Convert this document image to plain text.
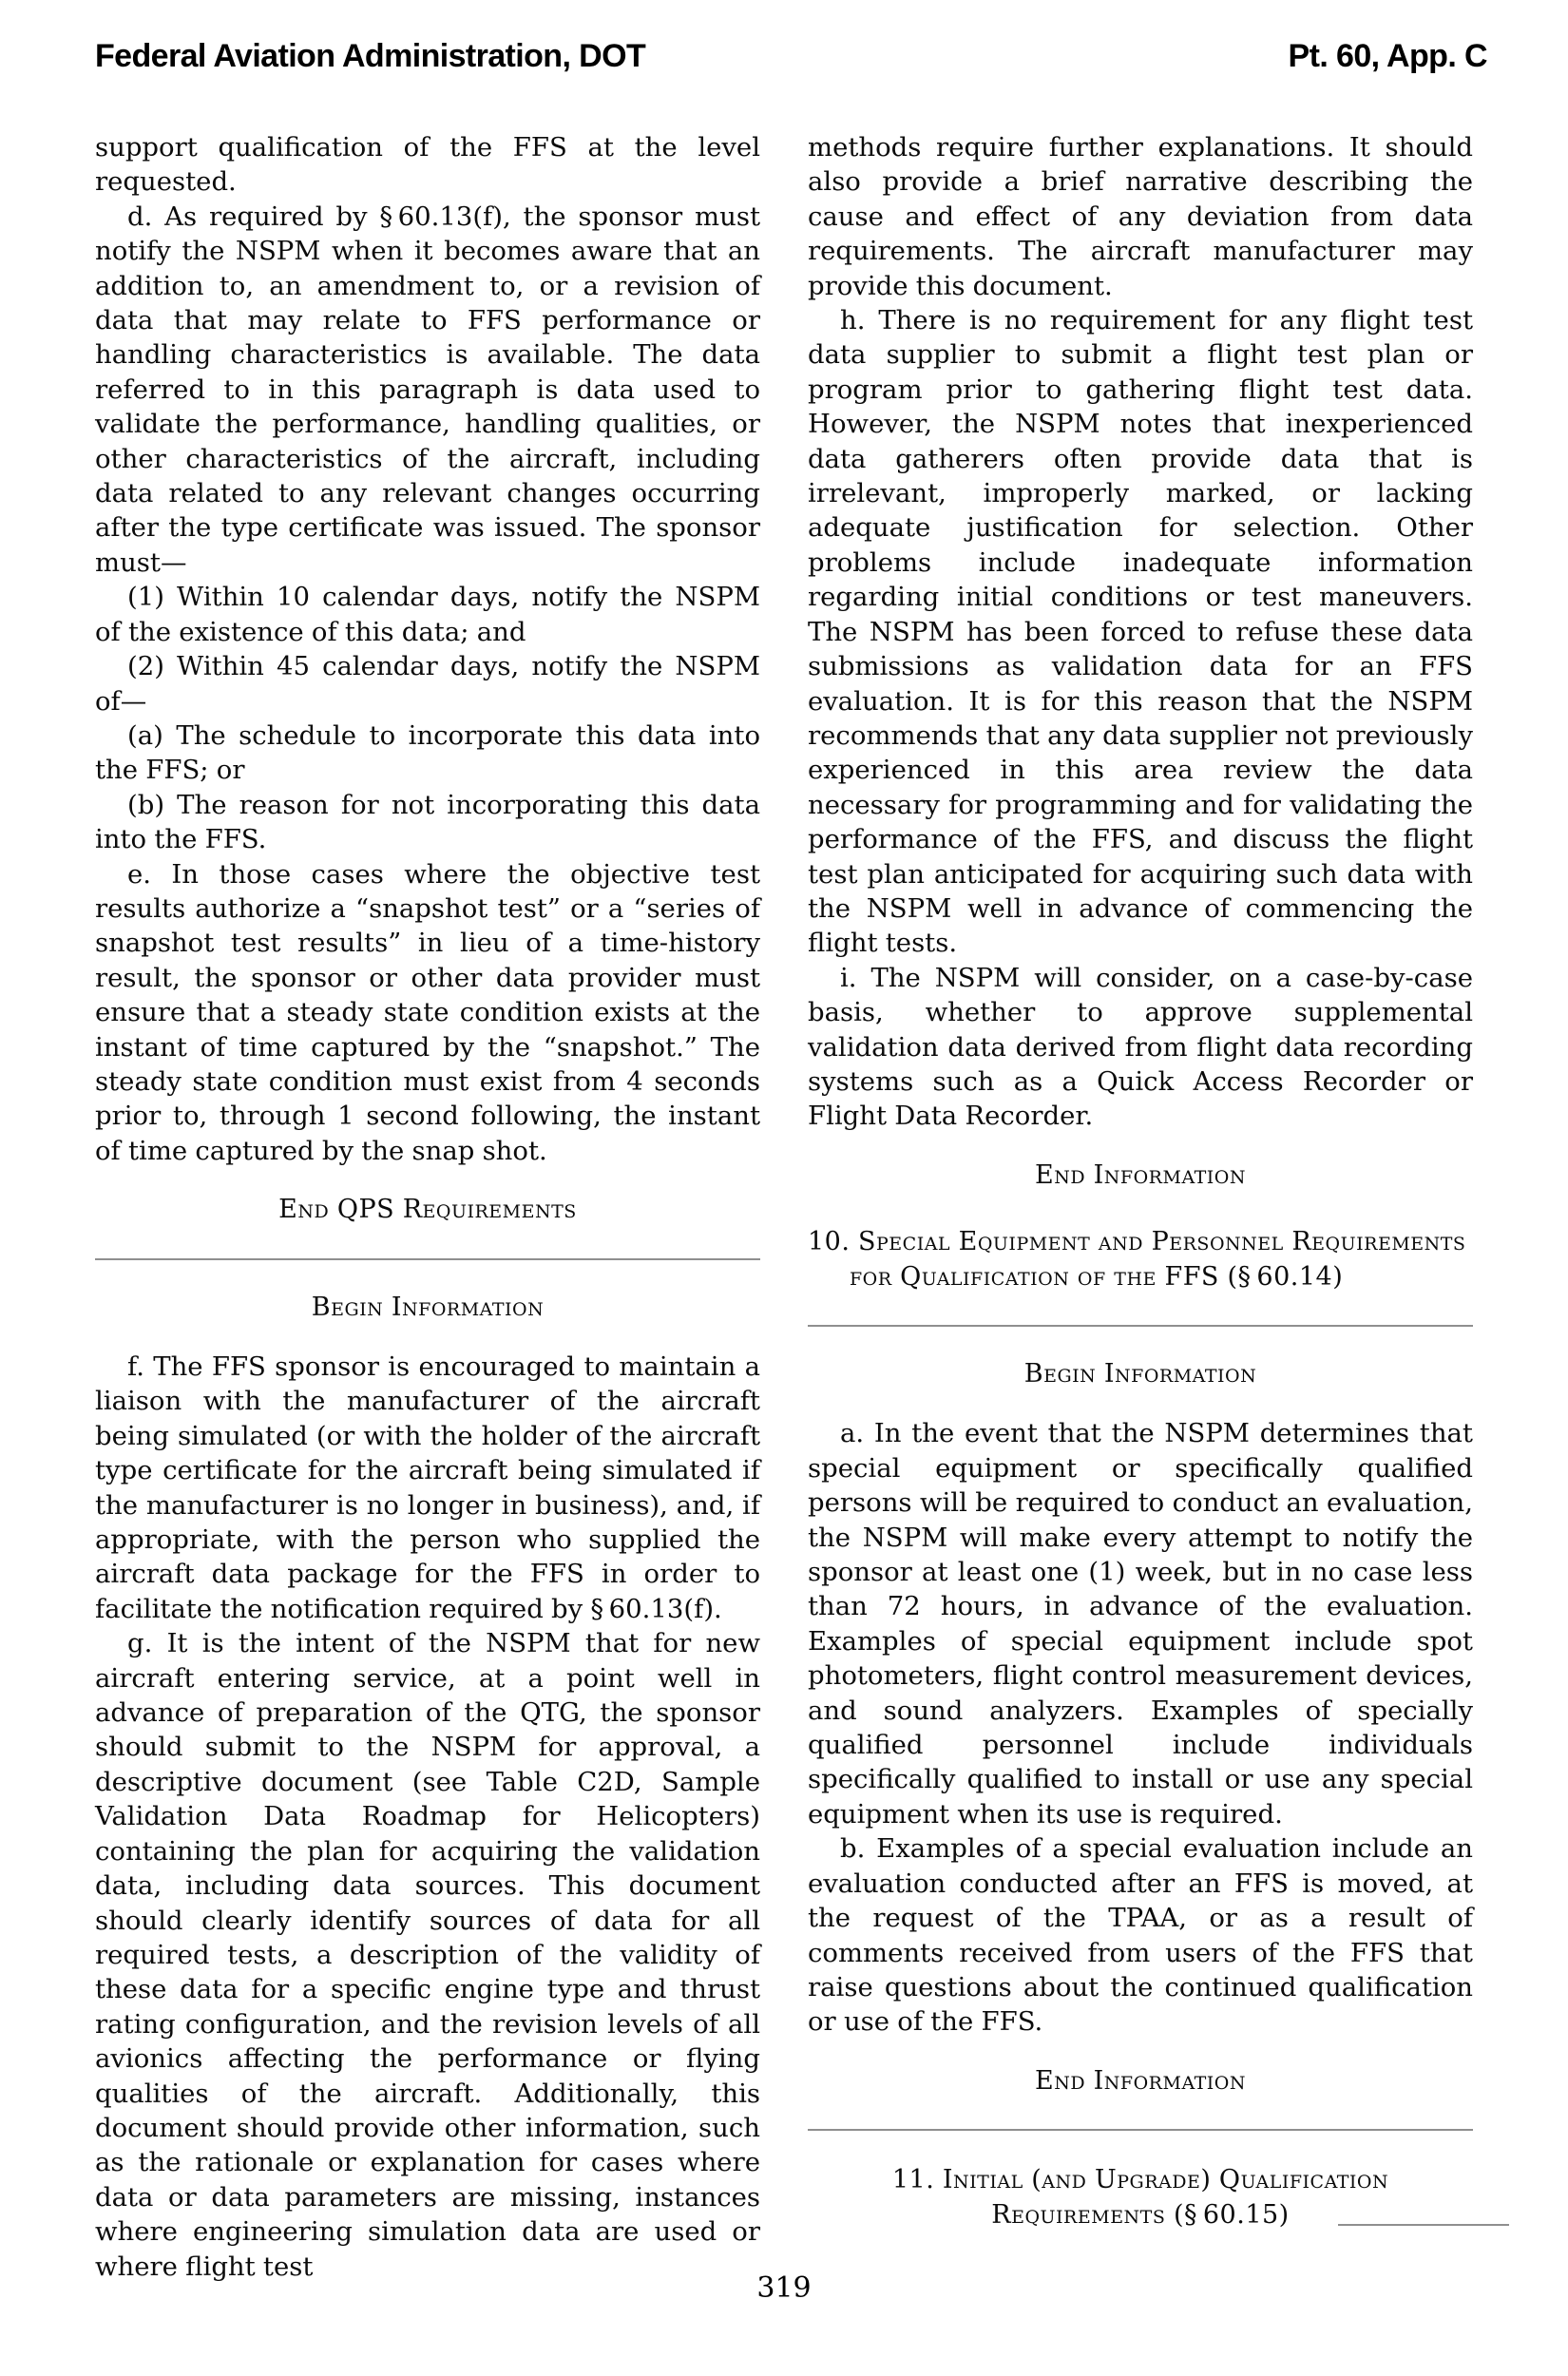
Federal Aviation Administration, DOT	Pt. 60, App. C

support qualification of the FFS at the level requested.

d. As required by § 60.13(f), the sponsor must notify the NSPM when it becomes aware that an addition to, an amendment to, or a revision of data that may relate to FFS performance or handling characteristics is available. The data referred to in this paragraph is data used to validate the performance, handling qualities, or other characteristics of the aircraft, including data related to any relevant changes occurring after the type certificate was issued. The sponsor must—

(1) Within 10 calendar days, notify the NSPM of the existence of this data; and

(2) Within 45 calendar days, notify the NSPM of—

(a) The schedule to incorporate this data into the FFS; or

(b) The reason for not incorporating this data into the FFS.

e. In those cases where the objective test results authorize a “snapshot test” or a “series of snapshot test results” in lieu of a time-history result, the sponsor or other data provider must ensure that a steady state condition exists at the instant of time captured by the “snapshot.” The steady state condition must exist from 4 seconds prior to, through 1 second following, the instant of time captured by the snap shot.

End QPS Requirements

Begin Information

f. The FFS sponsor is encouraged to maintain a liaison with the manufacturer of the aircraft being simulated (or with the holder of the aircraft type certificate for the aircraft being simulated if the manufacturer is no longer in business), and, if appropriate, with the person who supplied the aircraft data package for the FFS in order to facilitate the notification required by § 60.13(f).

g. It is the intent of the NSPM that for new aircraft entering service, at a point well in advance of preparation of the QTG, the sponsor should submit to the NSPM for approval, a descriptive document (see Table C2D, Sample Validation Data Roadmap for Helicopters) containing the plan for acquiring the validation data, including data sources. This document should clearly identify sources of data for all required tests, a description of the validity of these data for a specific engine type and thrust rating configuration, and the revision levels of all avionics affecting the performance or flying qualities of the aircraft. Additionally, this document should provide other information, such as the rationale or explanation for cases where data or data parameters are missing, instances where engineering simulation data are used or where flight test

methods require further explanations. It should also provide a brief narrative describing the cause and effect of any deviation from data requirements. The aircraft manufacturer may provide this document.

h. There is no requirement for any flight test data supplier to submit a flight test plan or program prior to gathering flight test data. However, the NSPM notes that inexperienced data gatherers often provide data that is irrelevant, improperly marked, or lacking adequate justification for selection. Other problems include inadequate information regarding initial conditions or test maneuvers. The NSPM has been forced to refuse these data submissions as validation data for an FFS evaluation. It is for this reason that the NSPM recommends that any data supplier not previously experienced in this area review the data necessary for programming and for validating the performance of the FFS, and discuss the flight test plan anticipated for acquiring such data with the NSPM well in advance of commencing the flight tests.

i. The NSPM will consider, on a case-by-case basis, whether to approve supplemental validation data derived from flight data recording systems such as a Quick Access Recorder or Flight Data Recorder.

End Information

10. Special Equipment and Personnel Requirements for Qualification of the FFS (§ 60.14)

Begin Information

a. In the event that the NSPM determines that special equipment or specifically qualified persons will be required to conduct an evaluation, the NSPM will make every attempt to notify the sponsor at least one (1) week, but in no case less than 72 hours, in advance of the evaluation. Examples of special equipment include spot photometers, flight control measurement devices, and sound analyzers. Examples of specially qualified personnel include individuals specifically qualified to install or use any special equipment when its use is required.

b. Examples of a special evaluation include an evaluation conducted after an FFS is moved, at the request of the TPAA, or as a result of comments received from users of the FFS that raise questions about the continued qualification or use of the FFS.

End Information

11. Initial (and Upgrade) Qualification Requirements (§ 60.15)

319
